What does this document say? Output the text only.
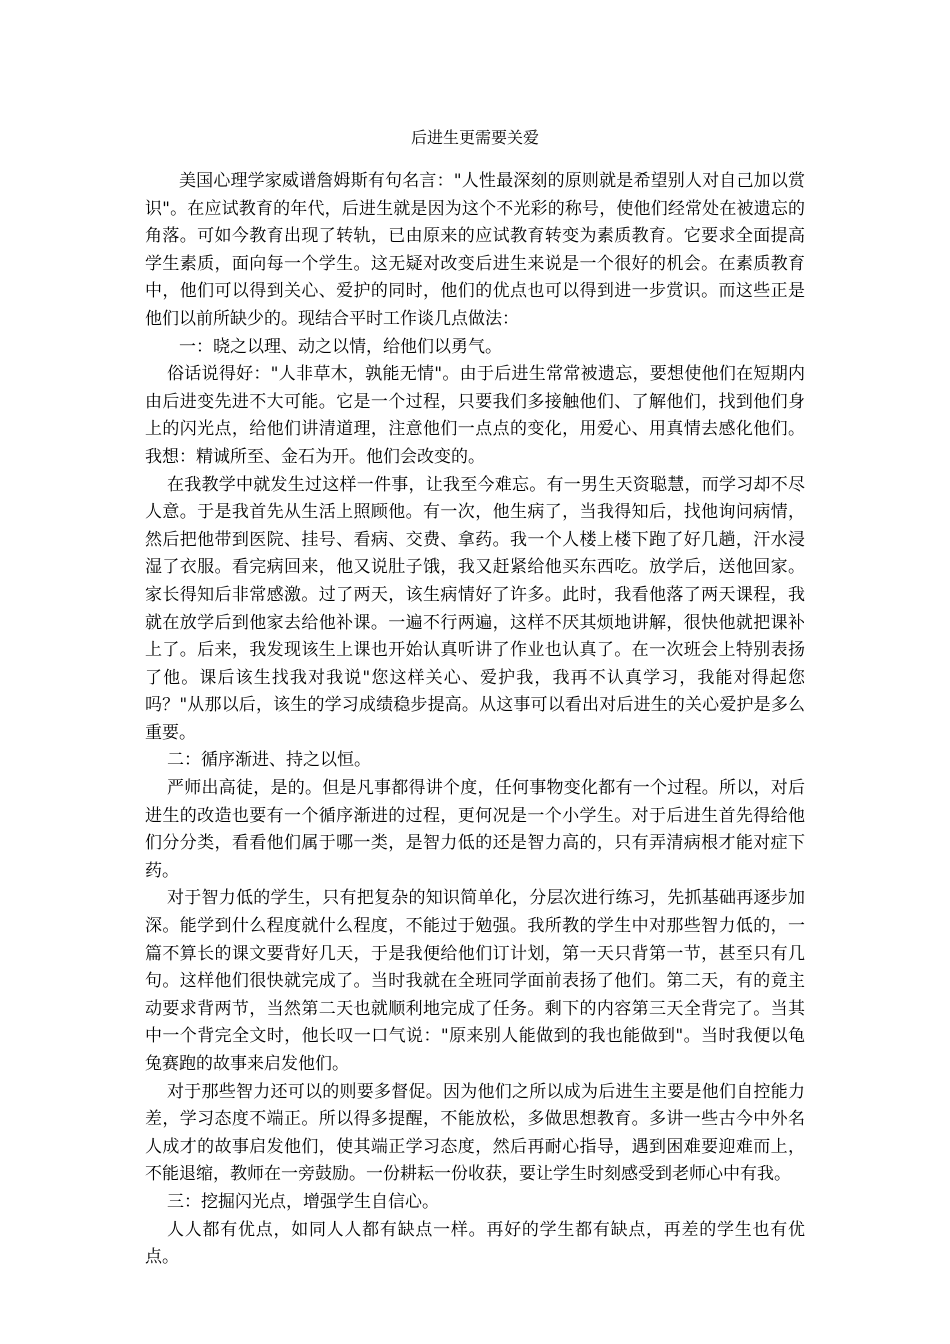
后进生更需要关爱

美国心理学家威谱詹姆斯有句名言："人性最深刻的原则就是希望别人对自己加以赏识"。在应试教育的年代，后进生就是因为这个不光彩的称号，使他们经常处在被遗忘的角落。可如今教育出现了转轨，已由原来的应试教育转变为素质教育。它要求全面提高学生素质，面向每一个学生。这无疑对改变后进生来说是一个很好的机会。在素质教育中，他们可以得到关心、爱护的同时，他们的优点也可以得到进一步赏识。而这些正是他们以前所缺少的。现结合平时工作谈几点做法：

一：晓之以理、动之以情，给他们以勇气。

俗话说得好："人非草木，孰能无情"。由于后进生常常被遗忘，要想使他们在短期内由后进变先进不大可能。它是一个过程，只要我们多接触他们、了解他们，找到他们身上的闪光点，给他们讲清道理，注意他们一点点的变化，用爱心、用真情去感化他们。我想：精诚所至、金石为开。他们会改变的。

在我教学中就发生过这样一件事，让我至今难忘。有一男生天资聪慧，而学习却不尽人意。于是我首先从生活上照顾他。有一次，他生病了，当我得知后，找他询问病情，然后把他带到医院、挂号、看病、交费、拿药。我一个人楼上楼下跑了好几趟，汗水浸湿了衣服。看完病回来，他又说肚子饿，我又赶紧给他买东西吃。放学后，送他回家。家长得知后非常感激。过了两天，该生病情好了许多。此时，我看他落了两天课程，我就在放学后到他家去给他补课。一遍不行两遍，这样不厌其烦地讲解，很快他就把课补上了。后来，我发现该生上课也开始认真听讲了作业也认真了。在一次班会上特别表扬了他。课后该生找我对我说"您这样关心、爱护我，我再不认真学习，我能对得起您吗？"从那以后，该生的学习成绩稳步提高。从这事可以看出对后进生的关心爱护是多么重要。

二：循序渐进、持之以恒。

严师出高徒，是的。但是凡事都得讲个度，任何事物变化都有一个过程。所以，对后进生的改造也要有一个循序渐进的过程，更何况是一个小学生。对于后进生首先得给他们分分类，看看他们属于哪一类，是智力低的还是智力高的，只有弄清病根才能对症下药。

对于智力低的学生，只有把复杂的知识简单化，分层次进行练习，先抓基础再逐步加深。能学到什么程度就什么程度，不能过于勉强。我所教的学生中对那些智力低的，一篇不算长的课文要背好几天，于是我便给他们订计划，第一天只背第一节，甚至只有几句。这样他们很快就完成了。当时我就在全班同学面前表扬了他们。第二天，有的竟主动要求背两节，当然第二天也就顺利地完成了任务。剩下的内容第三天全背完了。当其中一个背完全文时，他长叹一口气说："原来别人能做到的我也能做到"。当时我便以龟兔赛跑的故事来启发他们。

对于那些智力还可以的则要多督促。因为他们之所以成为后进生主要是他们自控能力差，学习态度不端正。所以得多提醒，不能放松，多做思想教育。多讲一些古今中外名人成才的故事启发他们，使其端正学习态度，然后再耐心指导，遇到困难要迎难而上，不能退缩，教师在一旁鼓励。一份耕耘一份收获，要让学生时刻感受到老师心中有我。

三：挖掘闪光点，增强学生自信心。

人人都有优点，如同人人都有缺点一样。再好的学生都有缺点，再差的学生也有优点。
